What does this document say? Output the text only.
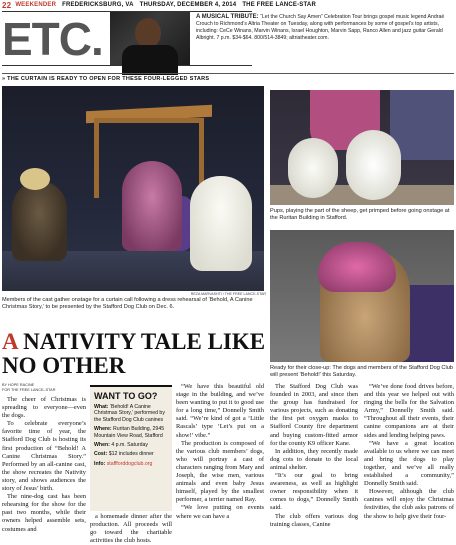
22 WEEKENDER FREDERICKSBURG, VA THURSDAY, DECEMBER 4, 2014 THE FREE LANCE-STAR
ETC.	A MUSICAL TRIBUTE: “Let the Church Say Amen” Celebration Tour brings gospel music legend Andraé Crouch to Richmond’s Altria Theater on Tuesday, along with performances by some of gospel’s top artists, including: CeCe Winans, Marvin Winans, Israel Houghton, Marvin Sapp, Ranco Allen and jazz guitar Gerald Albright. 7 p.m. $34-$64. 800/514-3849; altriatheater.com.
» THE CURTAIN IS READY TO OPEN FOR THESE FOUR-LEGGED STARS
REZA MARVASHTI / THE FREE LANCE-STAR
Members of the cast gather onstage for a curtain call following a dress rehearsal of ‘Behold, A Canine Christmas Story,’ to be presented by the Stafford Dog Club on Dec. 6.
Pups, playing the part of the sheep, get primped before going onstage at the Ruritan Building in Stafford.
Ready for their close-up: The dogs and members of the Stafford Dog Club will present ‘Behold!’ this Saturday.
A NATIVITY TALE LIKE NO OTHER
BY HOPE RACINE
FOR THE FREE LANCE–STAR

The cheer of Christmas is spreading to everyone—even the dogs.

To celebrate everyone’s favorite time of year, the Stafford Dog Club is hosting its first production of “Behold! A Canine Christmas Story.” Performed by an all-canine cast, the show recreates the Nativity story, and shows audiences the story of Jesus’ birth.

The nine-dog cast has been rehearsing for the show for the past two months, while their owners helped assemble sets, costumes and

WANT TO GO?
What: ‘Behold! A Canine Christmas Story,’ performed by the Stafford Dog Club canines
Where: Ruritan Building, 2945 Mountain View Road, Stafford
When: 4 p.m. Saturday
Cost: $12 includes dinner
Info: staffforddogclub.org

a homemade dinner after the production. All proceeds will go toward the charitable activities the club hosts.

“We have this beautiful old stage in the building, and we’ve been wanting to put it to good use for a long time,” Donnelly Smith said. “We’re kind of got a ‘Little Rascals’ type ‘Let’s put on a show!’ vibe.”

The production is composed of the various club members’ dogs, who will portray a cast of characters ranging from Mary and Joseph, the wise men, various animals and even baby Jesus himself, played by the smallest performer, a terrier named Ray.

“We love putting on events where we can have a

The Stafford Dog Club was founded in 2003, and since then the group has fundraised for various projects, such as donating the first pet oxygen masks to Stafford County fire department and buying custom-fitted armor for the county K9 officer Kane.

In addition, they recently made dog cots to donate to the local animal shelter.

“It’s our goal to bring awareness, as well as highlight owner responsibility when it comes to dogs,” Donnelly Smith said.

The club offers various dog training classes, Canine

“We’ve done food drives before, and this year we helped out with ringing the bells for the Salvation Army,” Donnelly Smith said. “Throughout all their events, their canine companions are at their sides and lending helping paws.

“We have a great location available to us where we can meet and bring the dogs to play together, and we’ve all really established a community,” Donnelly Smith said.

However, although the club canines will enjoy the Christmas festivities, the club asks patrons of the show to help give their four-
